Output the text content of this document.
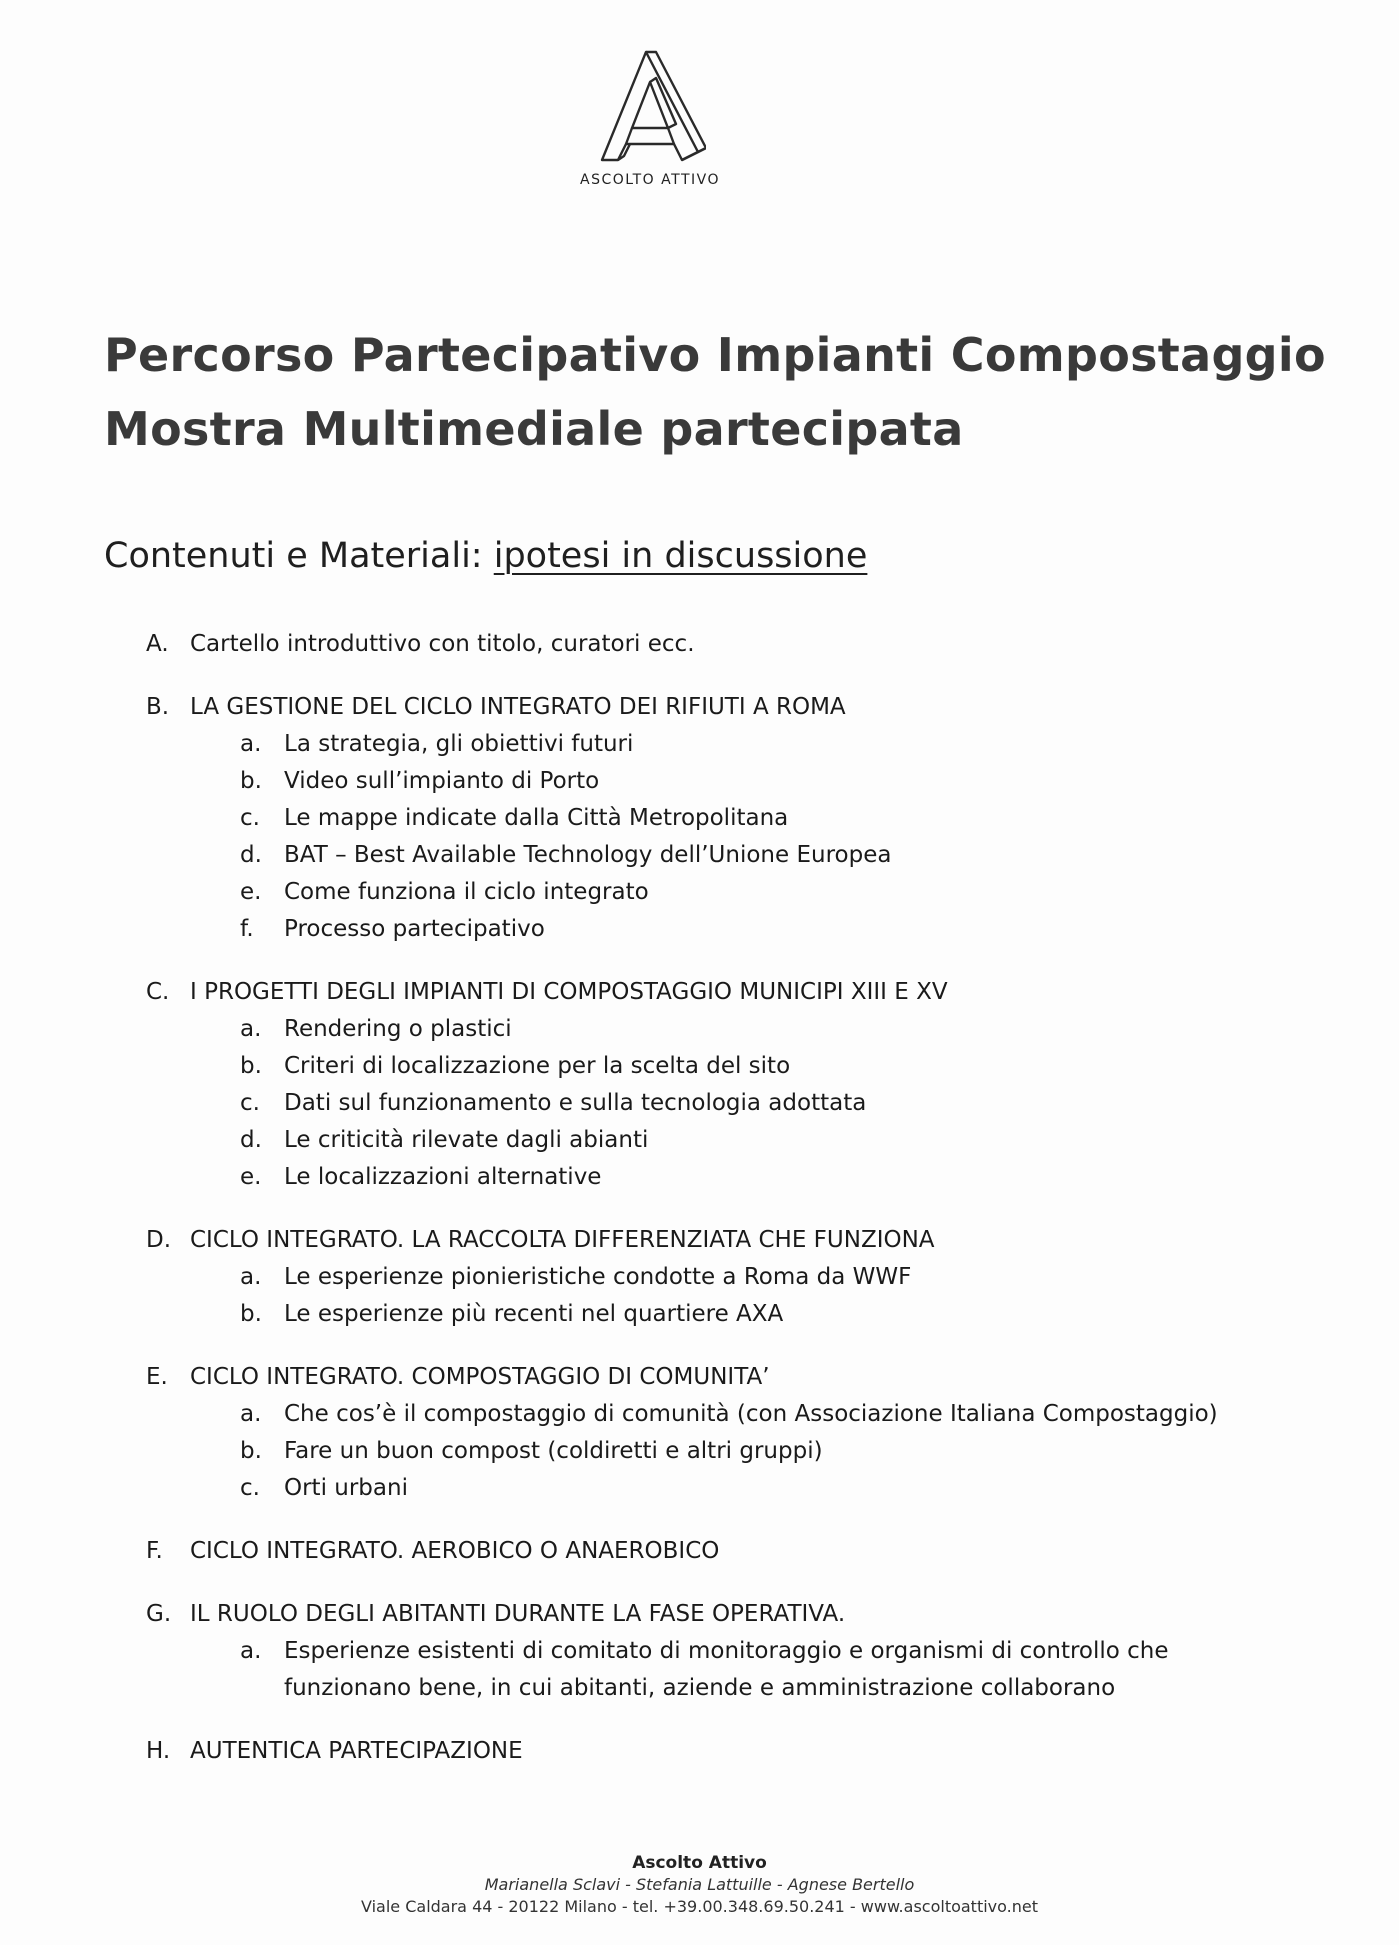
ASCOLTO ATTIVO
Percorso Partecipativo Impianti Compostaggio
Mostra Multimediale partecipata
Contenuti e Materiali: ipotesi in discussione
A. Cartello introduttivo con titolo, curatori ecc.
B. LA GESTIONE DEL CICLO INTEGRATO DEI RIFIUTI A ROMA
a. La strategia, gli obiettivi futuri
b. Video sull’impianto di Porto
c.	Le mappe indicate dalla Città Metropolitana
d. BAT – Best Available Technology dell’Unione Europea
e. Come funziona il ciclo integrato
f.	Processo partecipativo
C. I PROGETTI DEGLI IMPIANTI DI COMPOSTAGGIO MUNICIPI XIII E XV
a. Rendering o plastici
b. Criteri di localizzazione per la scelta del sito
c.	Dati sul funzionamento e sulla tecnologia adottata
d. Le criticità rilevate dagli abianti
e. Le localizzazioni alternative
D. CICLO INTEGRATO. LA RACCOLTA DIFFERENZIATA CHE FUNZIONA
a. Le esperienze pionieristiche condotte a Roma da WWF
b. Le esperienze più recenti nel quartiere AXA
E. CICLO INTEGRATO. COMPOSTAGGIO DI COMUNITA’
a. Che cos’è il compostaggio di comunità (con Associazione Italiana Compostaggio)
b. Fare un buon compost (coldiretti e altri gruppi)
c.	Orti urbani
F.	CICLO INTEGRATO. AEROBICO O ANAEROBICO
G. IL RUOLO DEGLI ABITANTI DURANTE LA FASE OPERATIVA.
a. Esperienze esistenti di comitato di monitoraggio e organismi di controllo che funzionano bene, in cui abitanti, aziende e amministrazione collaborano
H. AUTENTICA PARTECIPAZIONE
Ascolto Attivo
Marianella Sclavi - Stefania Lattuille - Agnese Bertello
Viale Caldara 44 - 20122 Milano - tel. +39.00.348.69.50.241 - www.ascoltoattivo.net
